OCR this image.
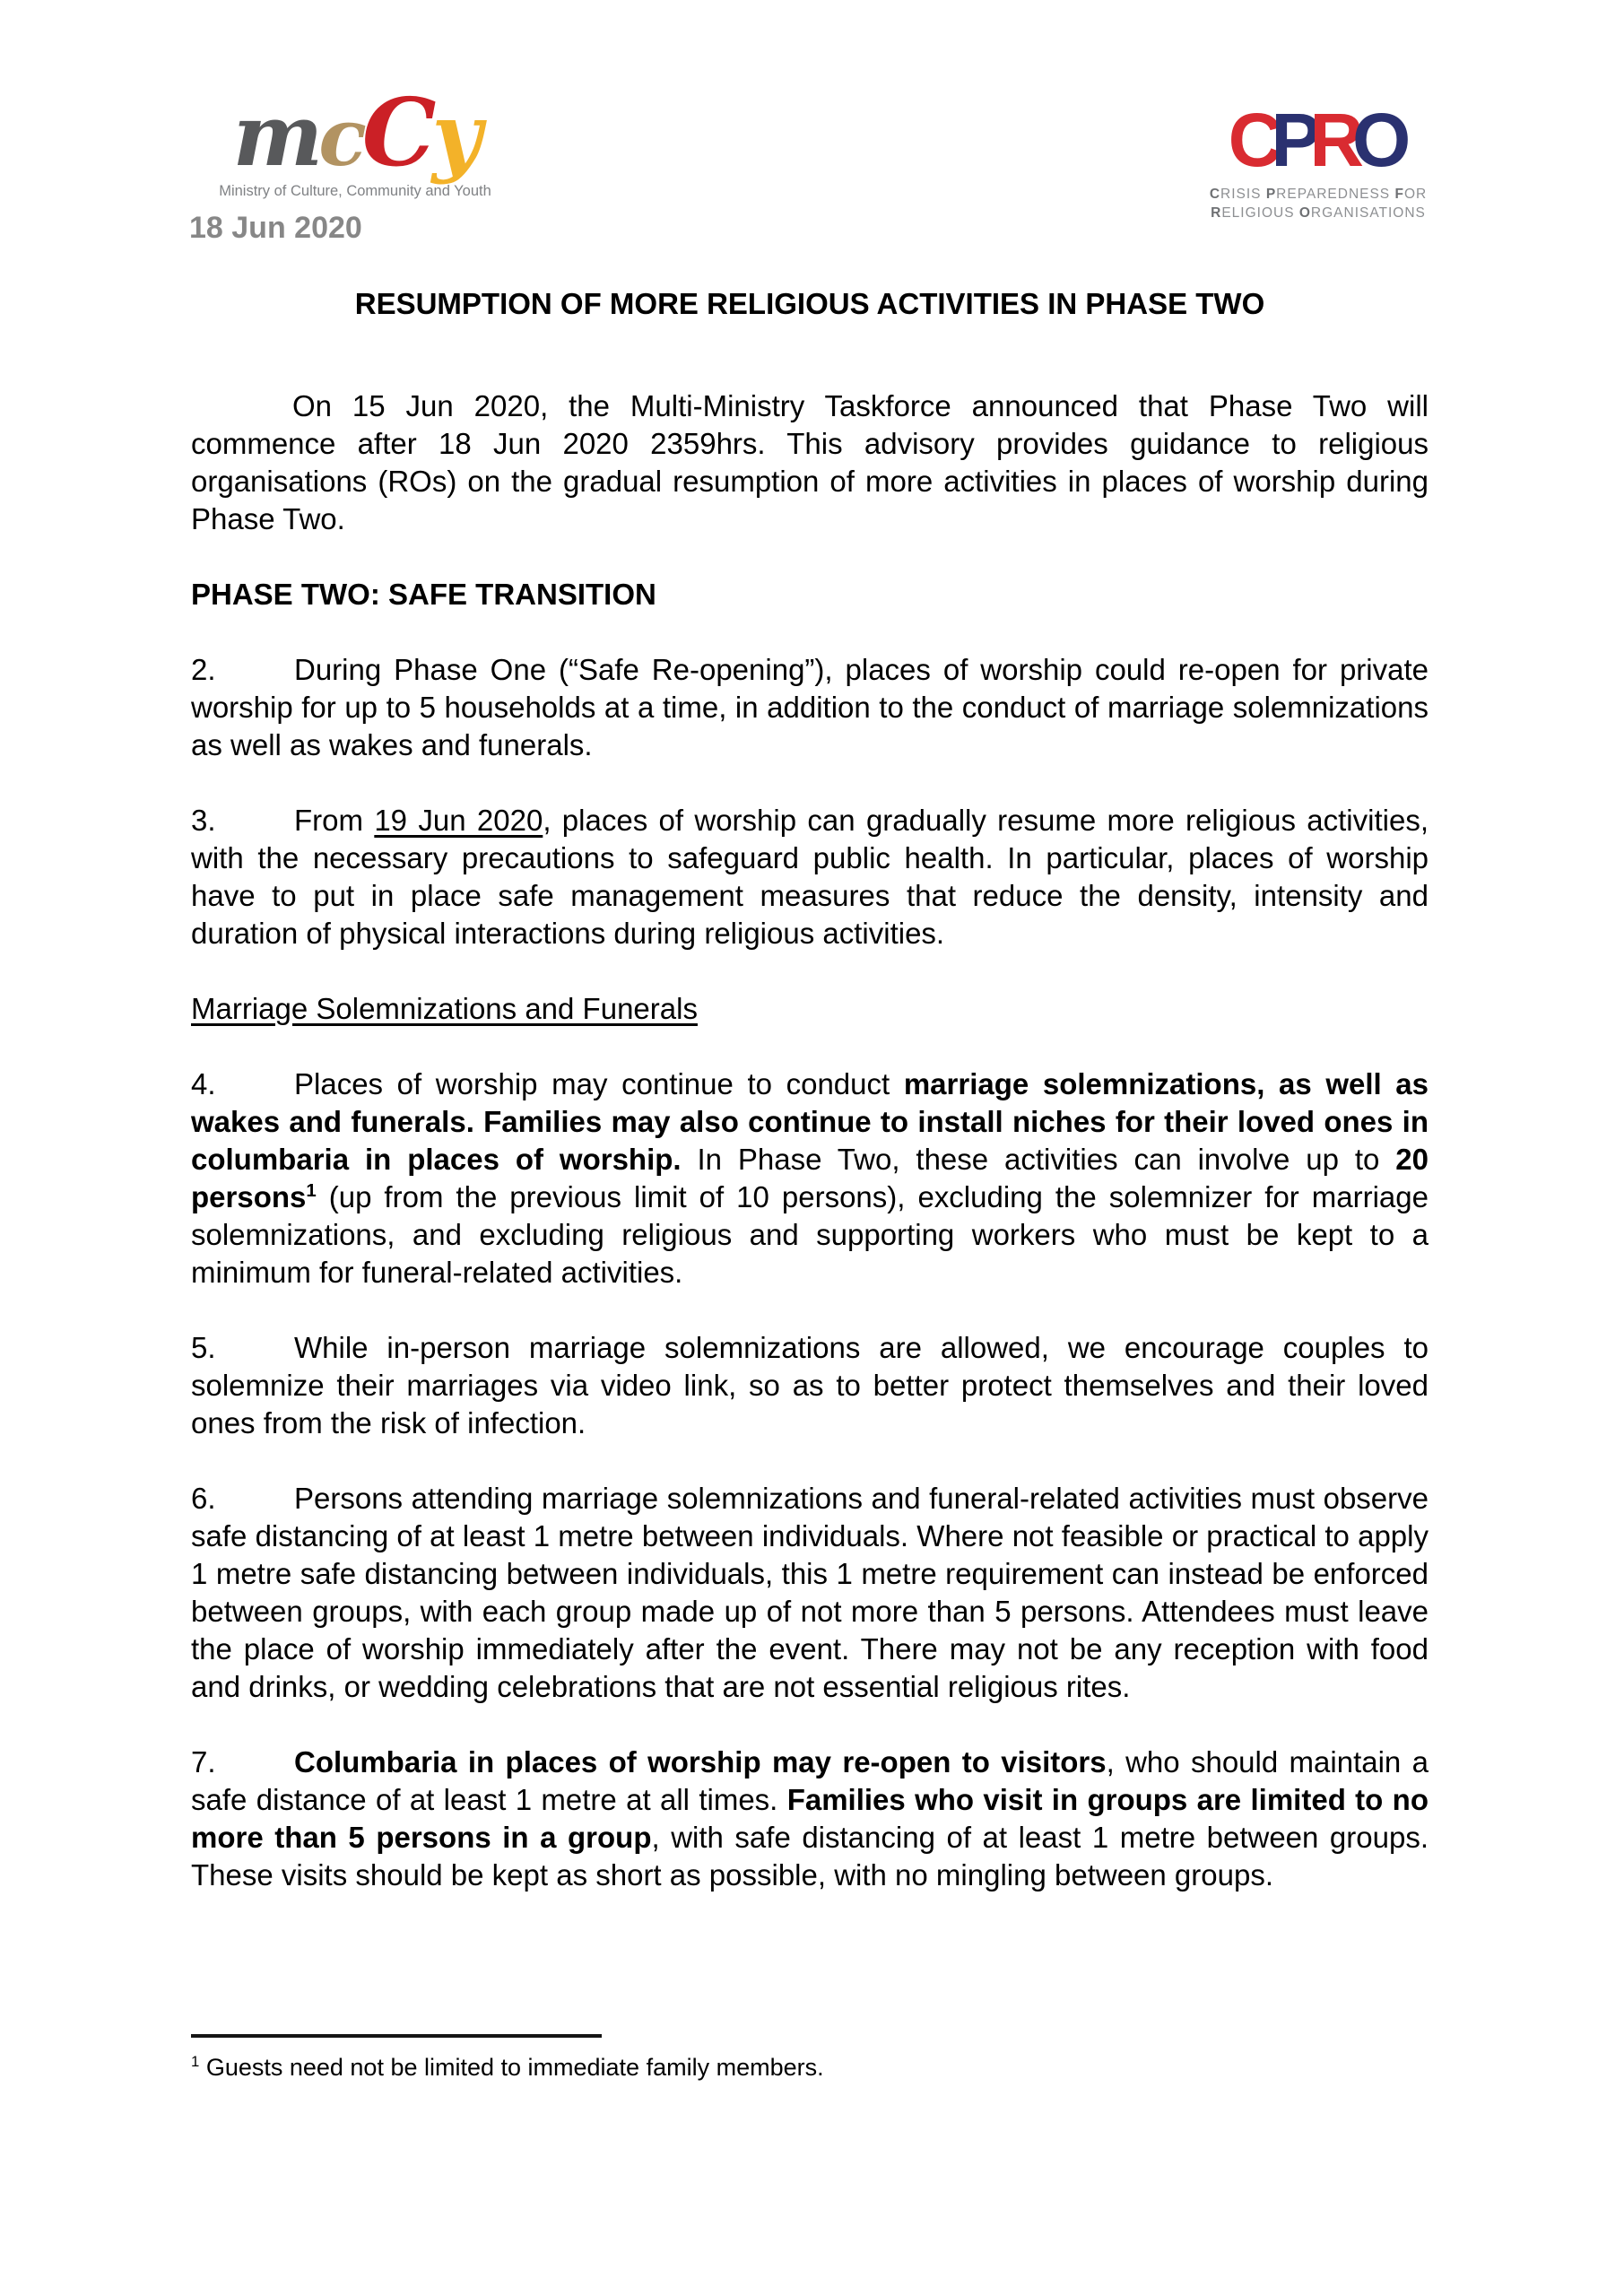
mcCy
Ministry of Culture, Community and Youth
CPRO
CRISIS PREPAREDNESS FOR
RELIGIOUS ORGANISATIONS
18 Jun 2020
RESUMPTION OF MORE RELIGIOUS ACTIVITIES IN PHASE TWO

On 15 Jun 2020, the Multi-Ministry Taskforce announced that Phase Two will commence after 18 Jun 2020 2359hrs. This advisory provides guidance to religious organisations (ROs) on the gradual resumption of more activities in places of worship during Phase Two.

PHASE TWO: SAFE TRANSITION

2.	During Phase One (“Safe Re-opening”), places of worship could re-open for private worship for up to 5 households at a time, in addition to the conduct of marriage solemnizations as well as wakes and funerals.

3.	From 19 Jun 2020, places of worship can gradually resume more religious activities, with the necessary precautions to safeguard public health. In particular, places of worship have to put in place safe management measures that reduce the density, intensity and duration of physical interactions during religious activities.

Marriage Solemnizations and Funerals

4.	Places of worship may continue to conduct marriage solemnizations, as well as wakes and funerals. Families may also continue to install niches for their loved ones in columbaria in places of worship. In Phase Two, these activities can involve up to 20 persons$^1$ (up from the previous limit of 10 persons), excluding the solemnizer for marriage solemnizations, and excluding religious and supporting workers who must be kept to a minimum for funeral-related activities.

5.	While in-person marriage solemnizations are allowed, we encourage couples to solemnize their marriages via video link, so as to better protect themselves and their loved ones from the risk of infection.

6.	Persons attending marriage solemnizations and funeral-related activities must observe safe distancing of at least 1 metre between individuals. Where not feasible or practical to apply 1 metre safe distancing between individuals, this 1 metre requirement can instead be enforced between groups, with each group made up of not more than 5 persons. Attendees must leave the place of worship immediately after the event. There may not be any reception with food and drinks, or wedding celebrations that are not essential religious rites.

7.	Columbaria in places of worship may re-open to visitors, who should maintain a safe distance of at least 1 metre at all times. Families who visit in groups are limited to no more than 5 persons in a group, with safe distancing of at least 1 metre between groups. These visits should be kept as short as possible, with no mingling between groups.

$^1$ Guests need not be limited to immediate family members.
